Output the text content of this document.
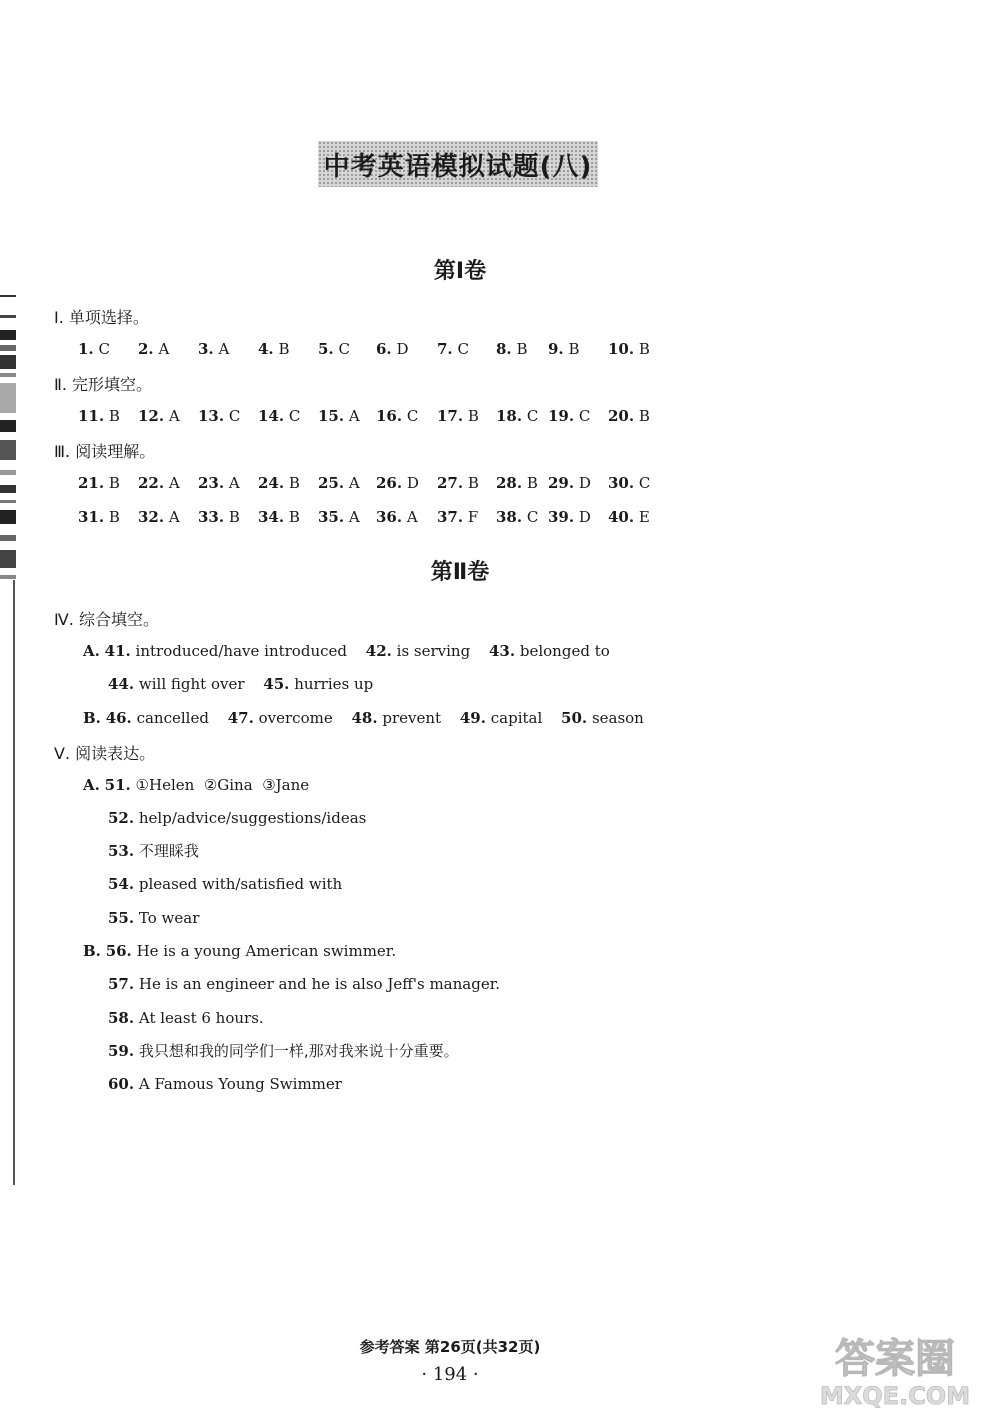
中考英语模拟试题(八)
第Ⅰ卷
Ⅰ. 单项选择。
1. C 2. A 3. A 4. B 5. C 6. D 7. C 8. B 9. B 10. B
Ⅱ. 完形填空。
11. B 12. A 13. C 14. C 15. A 16. C 17. B 18. C 19. C 20. B
Ⅲ. 阅读理解。
21. B 22. A 23. A 24. B 25. A 26. D 27. B 28. B 29. D 30. C
31. B 32. A 33. B 34. B 35. A 36. A 37. F 38. C 39. D 40. E
第Ⅱ卷
Ⅳ. 综合填空。
A. 41. introduced/have introduced 42. is serving 43. belonged to
44. will fight over 45. hurries up
B. 46. cancelled 47. overcome 48. prevent 49. capital 50. season
Ⅴ. 阅读表达。
A. 51. ①Helen  ②Gina  ③Jane
52. help/advice/suggestions/ideas
53. 不理睬我
54. pleased with/satisfied with
55. To wear
B. 56. He is a young American swimmer.
57. He is an engineer and he is also Jeff's manager.
58. At least 6 hours.
59. 我只想和我的同学们一样,那对我来说十分重要。
60. A Famous Young Swimmer
参考答案 第26页(共32页)
· 194 ·	答案圈
MXQE.COM
